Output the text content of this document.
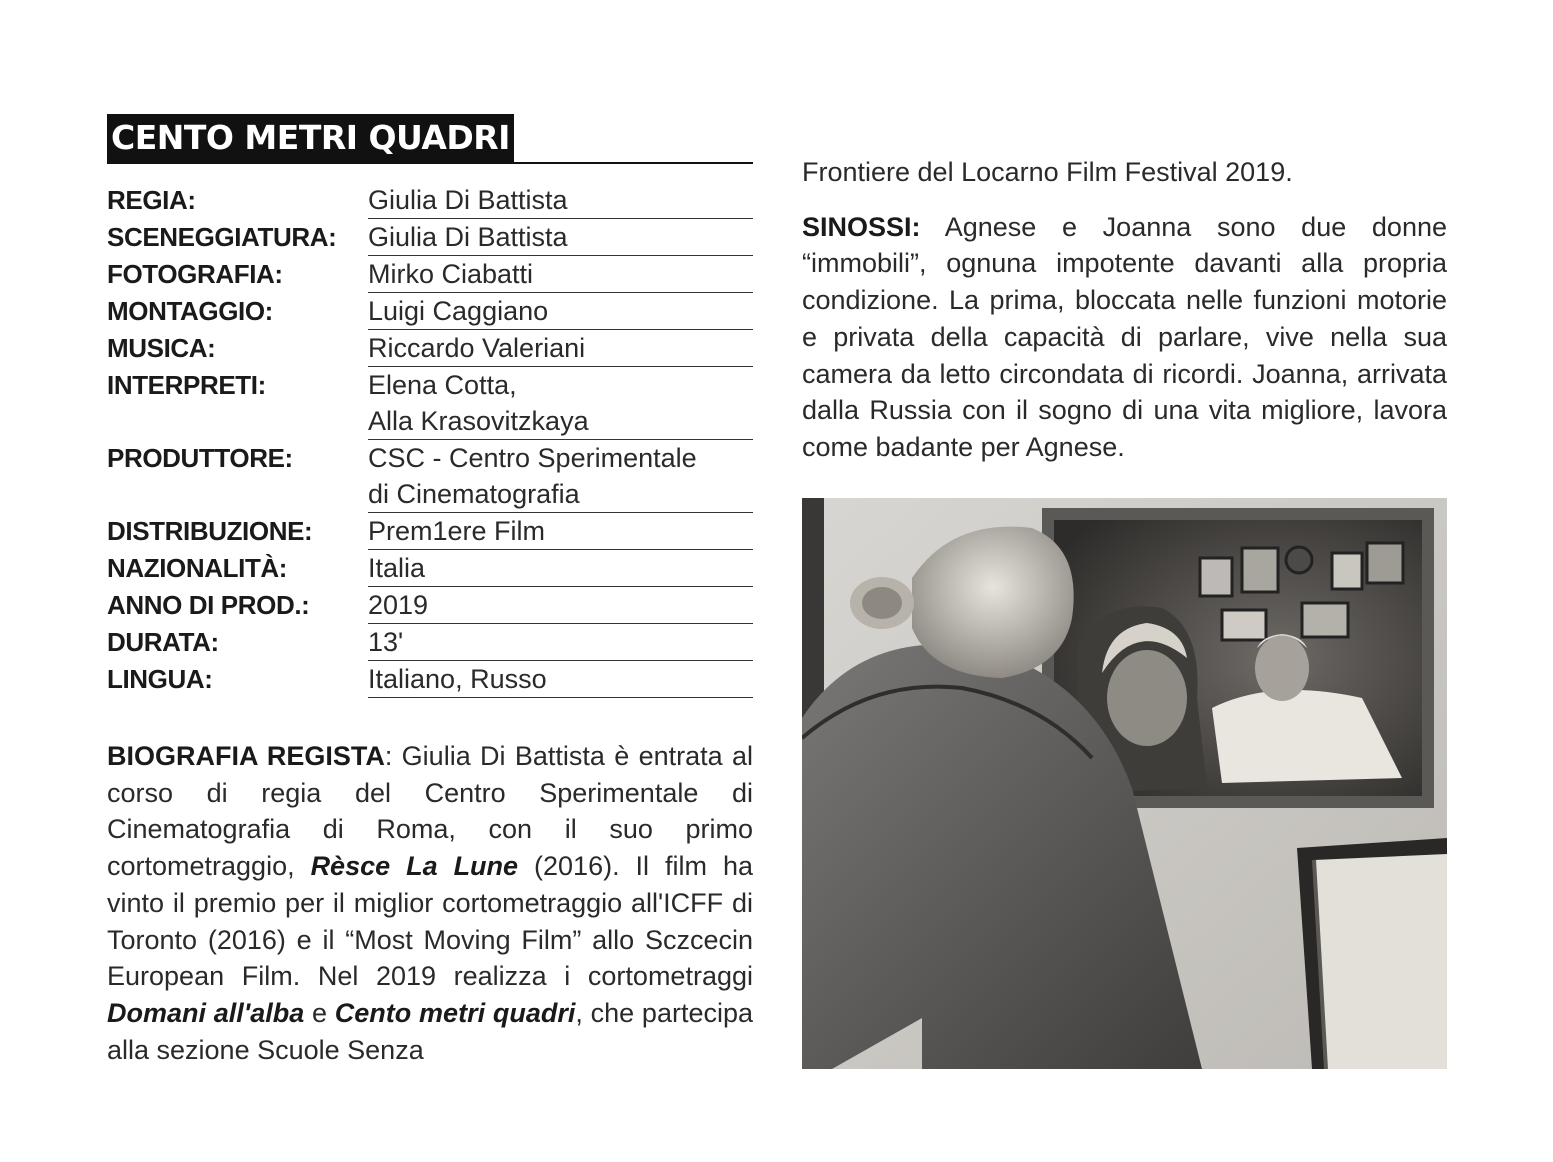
CENTO METRI QUADRI
REGIA:	Giulia Di Battista
SCENEGGIATURA:	Giulia Di Battista
FOTOGRAFIA:	Mirko Ciabatti
MONTAGGIO:	Luigi Caggiano
MUSICA:	Riccardo Valeriani
INTERPRETI:	Elena Cotta,
Alla Krasovitzkaya
PRODUTTORE:	CSC - Centro Sperimentale
di Cinematografia
DISTRIBUZIONE:	Prem1ere Film
NAZIONALITÀ:	Italia
ANNO DI PROD.:	2019
DURATA:	13'
LINGUA:	Italiano, Russo
BIOGRAFIA REGISTA: Giulia Di Battista è entrata al corso di regia del Centro Sperimentale di Cinematografia di Roma, con il suo primo cortometraggio, Rèsce La Lune (2016). Il film ha vinto il premio per il miglior cortometraggio all'ICFF di Toronto (2016) e il “Most Moving Film” allo Sczcecin European Film. Nel 2019 realizza i cortometraggi Domani all'alba e Cento metri quadri, che partecipa alla sezione Scuole Senza
Frontiere del Locarno Film Festival 2019.
SINOSSI: Agnese e Joanna sono due donne “immobili”, ognuna impotente davanti alla propria condizione. La prima, bloccata nelle funzioni motorie e privata della capacità di parlare, vive nella sua camera da letto circondata di ricordi. Joanna, arrivata dalla Russia con il sogno di una vita migliore, lavora come badante per Agnese.
